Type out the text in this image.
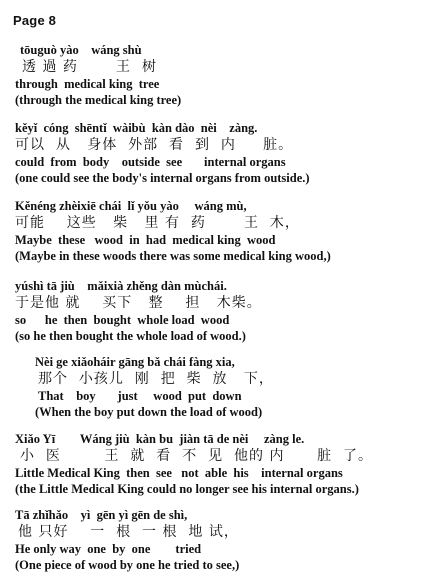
Page 8
tōuguò yào    wáng shù
透 過 药       王  树
through  medical king  tree
(through the medical king tree)
kěyǐ  cóng  shēntǐ  wàibù  kàn dào  nèi    zàng.
可以  从   身体  外部  看  到  内     脏。
could  from  body    outside  see       internal organs
(one could see the body's internal organs from outside.)
Kěnéng zhèixiē chái  lǐ yǒu yào     wáng mù,
可能    这些   柴   里 有  药       王  木，
Maybe  these   wood  in  had  medical king  wood
(Maybe in these woods there was some medical king wood,)
yúshì tā jiù    mǎixià zhěng dàn mùchái.
于是他 就    买下   整    担   木柴。
so      he  then  bought  whole load  wood
(so he then bought the whole load of wood.)
Nèi ge xiǎoháir gāng bǎ chái fàng xia,
那个  小孩儿  刚  把  柴  放   下，
That    boy       just     wood  put  down
(When the boy put down the load of wood)
Xiǎo Yī        Wáng jiù  kàn bu  jiàn tā de nèi     zàng le.
小  医        王  就  看  不  见  他的 内      脏  了。
Little Medical King  then  see   not  able  his    internal organs
(the Little Medical King could no longer see his internal organs.)
Tā zhǐhǎo    yì  gēn yì gēn de shì,
他 只好    一  根  一 根  地 试，
He only way  one  by  one        tried
(One piece of wood by one he tried to see,)
